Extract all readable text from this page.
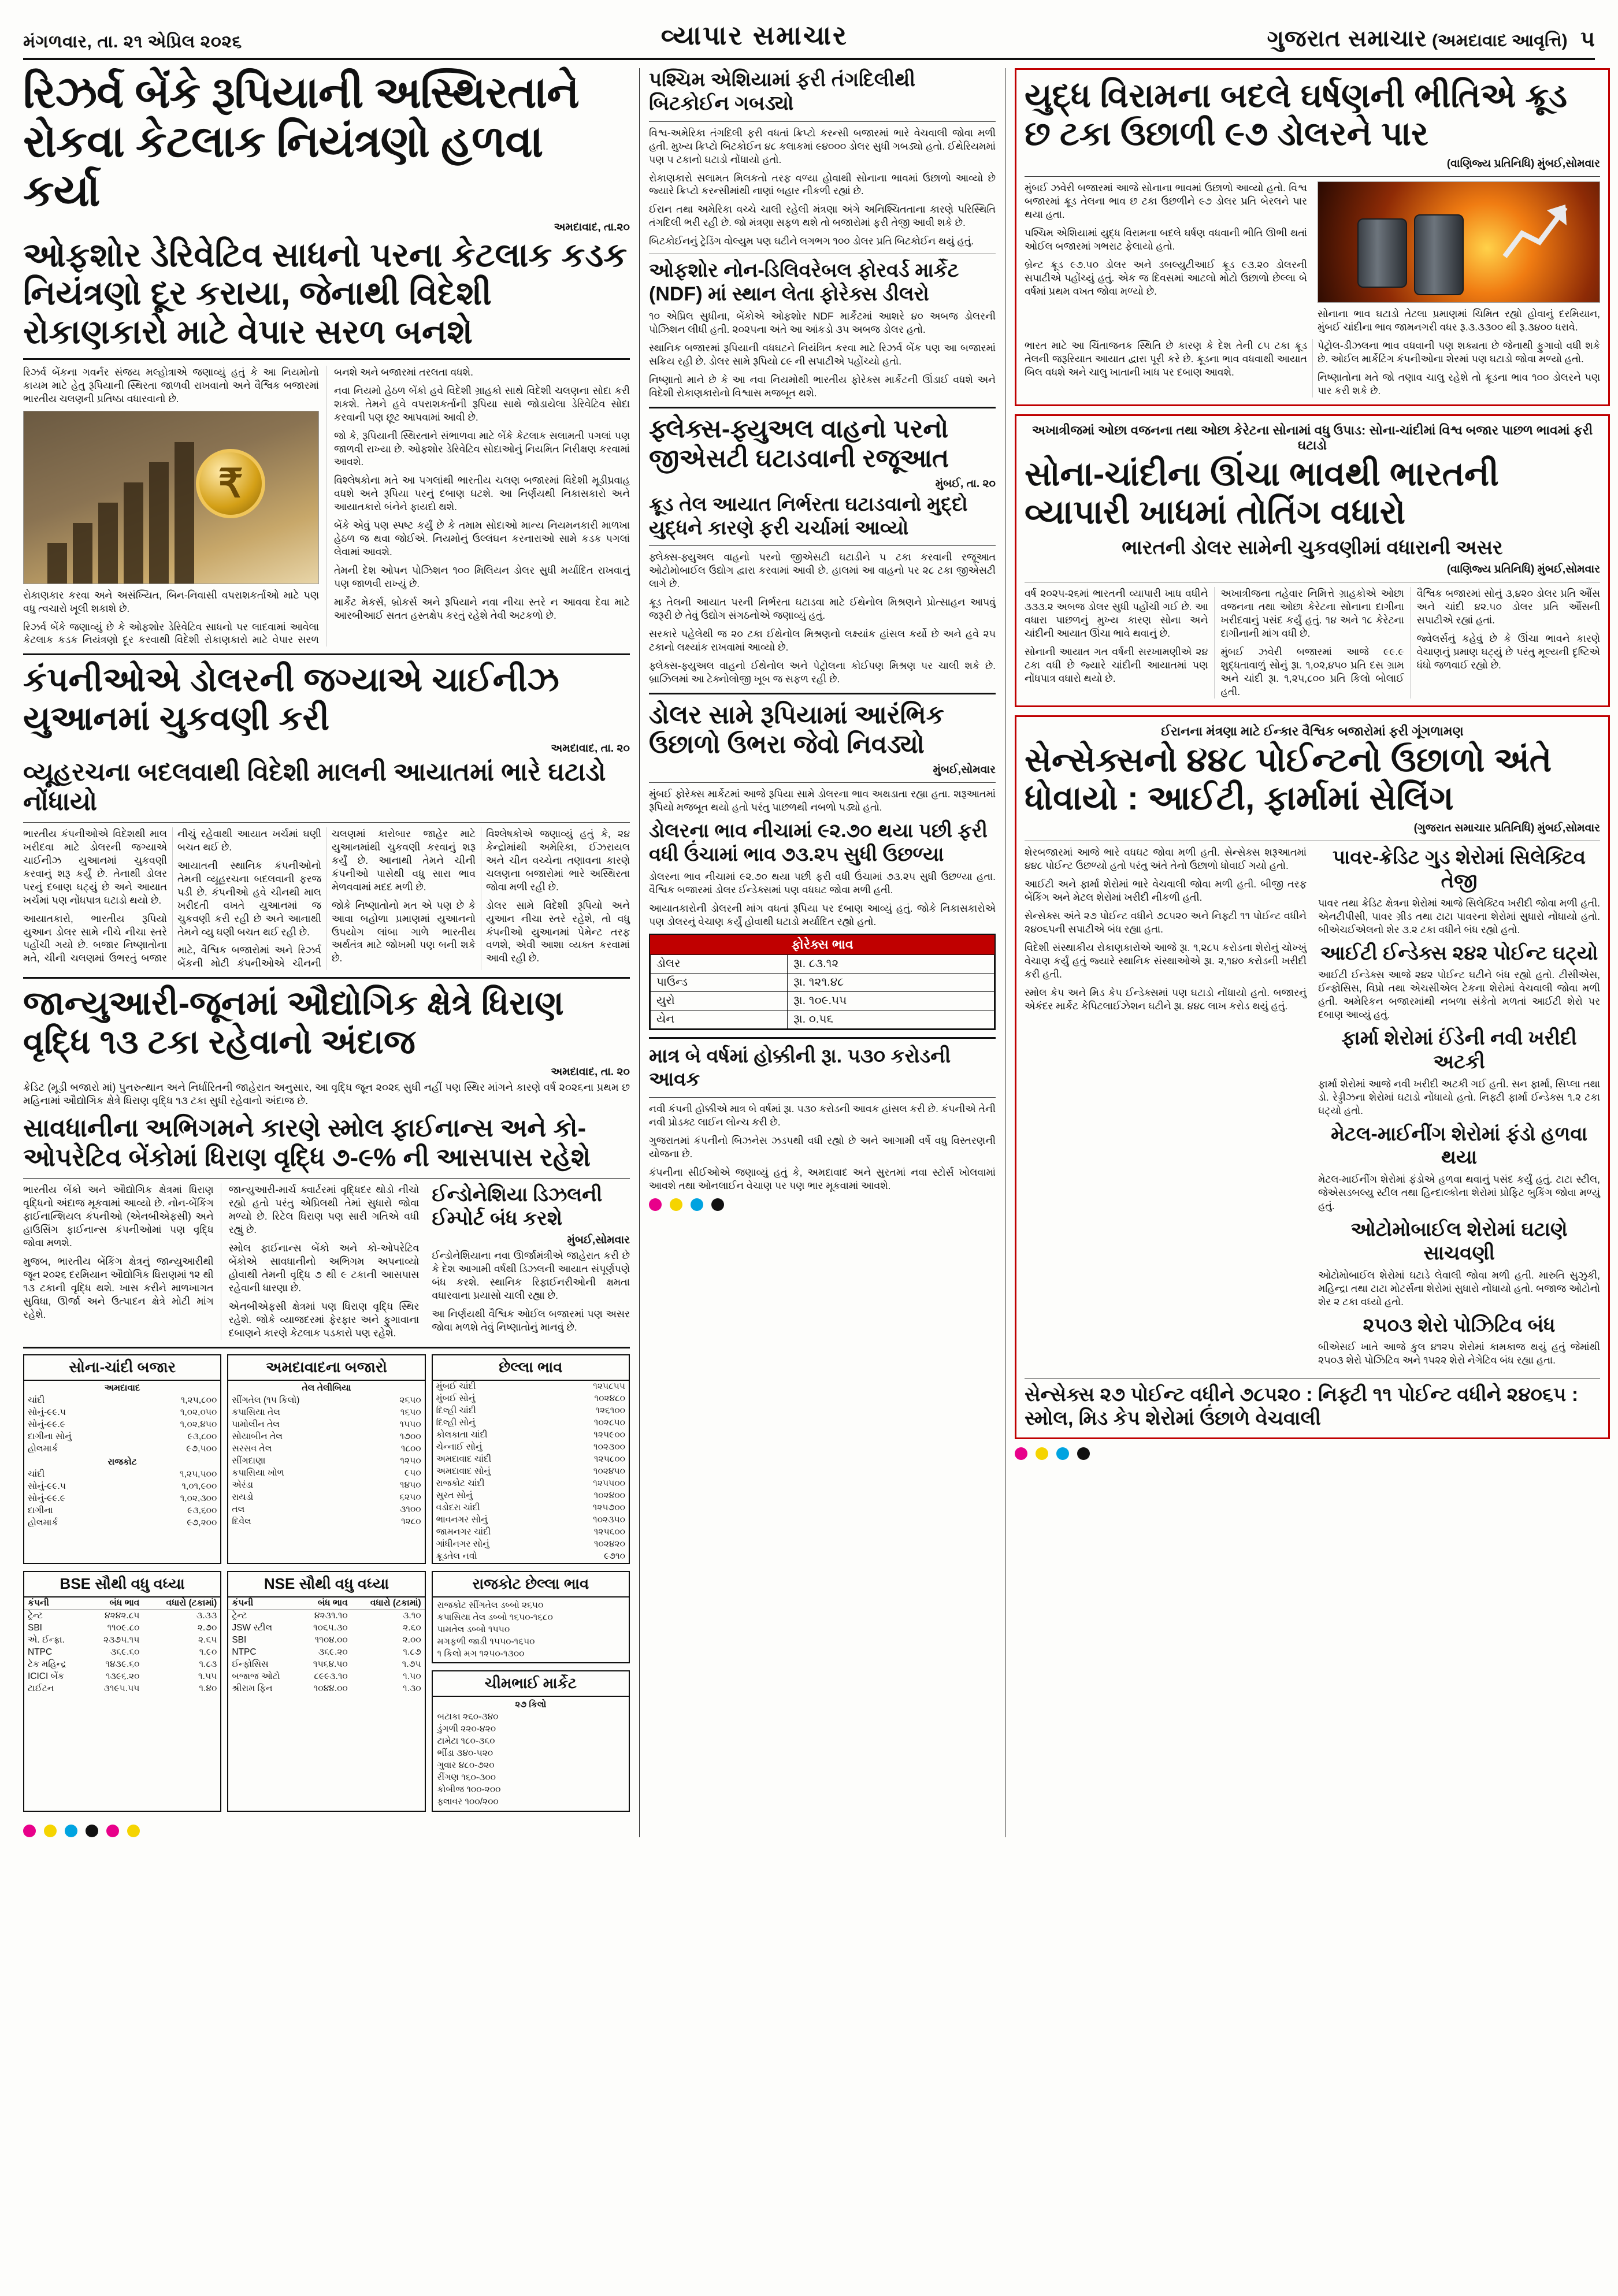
મંગળવાર, તા. ૨૧ એપ્રિલ ૨૦૨૬	વ્યાપાર સમાચાર	ગુજરાત સમાચાર (અમદાવાદ આવૃત્તિ) ૫
રિઝર્વ બેંકે રૂપિયાની અસ્થિરતાને રોકવા કેટલાક નિયંત્રણો હળવા કર્યા
અમદાવાદ, તા.૨૦
ઓફશોર ડેરિવેટિવ સાધનો પરના કેટલાક કડક નિયંત્રણો દૂર કરાયા, જેનાથી વિદેશી રોકાણકારો માટે વેપાર સરળ બનશે

રિઝર્વ બેંકના ગવર્નર સંજય મલ્હોત્રાએ જણાવ્યું હતું કે આ નિયમોનો કાયમ માટે હેતુ રૂપિયાની સ્થિરતા જાળવી રાખવાનો અને વૈશ્વિક બજારમાં ભારતીય ચલણની પ્રતિષ્ઠા વધારવાનો છે.

₹

રોકાણકાર કરવા અને અસંખ્યિત, બિન-નિવાસી વપરાશકર્તાઓ માટે પણ વધુ ત્વચારો ખૂલી શકાશે છે.

રિઝર્વ બેંકે જણાવ્યું છે કે ઓફશોર ડેરિવેટિવ સાધનો પર લાદવામાં આવેલા કેટલાક કડક નિયંત્રણો દૂર કરવાથી વિદેશી રોકાણકારો માટે વેપાર સરળ બનશે અને બજારમાં તરલતા વધશે.

નવા નિયમો હેઠળ બેંકો હવે વિદેશી ગ્રાહકો સાથે વિદેશી ચલણના સોદા કરી શકશે. તેમને હવે વપરાશકર્તાની રૂપિયા સાથે જોડાયેલા ડેરિવેટિવ સોદા કરવાની પણ છૂટ આપવામાં આવી છે.

જો કે, રૂપિયાની સ્થિરતાને સંભાળવા માટે બેંકે કેટલાક સલામતી પગલાં પણ જાળવી રાખ્યા છે. ઓફશોર ડેરિવેટિવ સોદાઓનું નિયમિત નિરીક્ષણ કરવામાં આવશે.

વિશ્લેષકોના મતે આ પગલાંથી ભારતીય ચલણ બજારમાં વિદેશી મૂડીપ્રવાહ વધશે અને રૂપિયા પરનું દબાણ ઘટશે. આ નિર્ણયથી નિકાસકારો અને આયાતકારો બંનેને ફાયદો થશે.

બેંકે એવું પણ સ્પષ્ટ કર્યું છે કે તમામ સોદાઓ માન્ય નિયમનકારી માળખા હેઠળ જ થવા જોઈએ. નિયમોનું ઉલ્લંઘન કરનારાઓ સામે કડક પગલાં લેવામાં આવશે.

તેમની દેશ ઓપન પોઝિશન ૧૦૦ મિલિયન ડોલર સુધી મર્યાદિત રાખવાનું પણ જાળવી રાખ્યું છે.

માર્કેટ મેકર્સ, બ્રોકર્સ અને રૂપિયાને નવા નીચા સ્તરે ન આવવા દેવા માટે આરબીઆઈ સતત હસ્તક્ષેપ કરતું રહેશે તેવી અટકળો છે.

કંપનીઓએ ડોલરની જગ્યાએ ચાઈનીઝ યુઆનમાં ચુકવણી કરી
અમદાવાદ, તા. ૨૦
વ્યૂહરચના બદલવાથી વિદેશી માલની આયાતમાં ભારે ઘટાડો નોંધાયો

ભારતીય કંપનીઓએ વિદેશથી માલ ખરીદવા માટે ડોલરની જગ્યાએ ચાઈનીઝ યુઆનમાં ચુકવણી કરવાનું શરૂ કર્યું છે. તેનાથી ડોલર પરનું દબાણ ઘટ્યું છે અને આયાત ખર્ચમાં પણ નોંધપાત્ર ઘટાડો થયો છે.

આયાતકારો, ભારતીય રૂપિયો યુઆન ડોલર સામે નીચે નીચા સ્તરે પહોંચી ગયો છે. બજાર નિષ્ણાતોના મતે, ચીની ચલણમાં ઉભરતું બજાર નીચું રહેવાથી આયાત ખર્ચમાં ઘણી બચત થઈ છે.

આયાતની સ્થાનિક કંપનીઓનો તેમની વ્યૂહરચના બદલવાની ફરજ પડી છે. કંપનીઓ હવે ચીનથી માલ ખરીદતી વખતે યુઆનમાં જ ચુકવણી કરી રહી છે અને આનાથી તેમને વ્યુ ઘણી બચત થઈ રહી છે.

માટે, વૈશ્વિક બજારોમાં અને રિઝર્વ બેંકની મોટી કંપનીઓએ ચીનની ચલણમાં કારોબાર જાહેર માટે યુઆનમાંથી ચુકવણી કરવાનું શરૂ કર્યું છે. આનાથી તેમને ચીની કંપનીઓ પાસેથી વધુ સારા ભાવ મેળવવામાં મદદ મળી છે.

જોકે નિષ્ણાતોનો મત એ પણ છે કે આવા બહોળા પ્રમાણમાં યુઆનનો ઉપયોગ લાંબા ગાળે ભારતીય અર્થતંત્ર માટે જોખમી પણ બની શકે છે.

વિશ્લેષકોએ જણાવ્યું હતું કે, ૨૪ કેન્દ્રોમાંથી અમેરિકા, ઈઝરાયલ અને ચીન વચ્ચેના તણાવના કારણે ચલણના બજારોમાં ભારે અસ્થિરતા જોવા મળી રહી છે.

ડોલર સામે વિદેશી રૂપિયો અને યુઆન નીચા સ્તરે રહેશે, તો વધુ કંપનીઓ યુઆનમાં પેમેન્ટ તરફ વળશે, એવી આશા વ્યક્ત કરવામાં આવી રહી છે.

જાન્યુઆરી-જૂનમાં ઔદ્યોગિક ક્ષેત્રે ધિરાણ વૃદ્ધિ ૧૩ ટકા રહેવાનો અંદાજ
અમદાવાદ, તા. ૨૦

ક્રેડિટ (મૂડી બજારો માં) પુનરુત્થાન અને નિર્ધારિતની જાહેરાત અનુસાર, આ વૃદ્ધિ જૂન ૨૦૨૬ સુધી નહીં પણ સ્થિર માંગને કારણે વર્ષ ૨૦૨૬ના પ્રથમ છ મહિનામાં ઔદ્યોગિક ક્ષેત્રે ધિરાણ વૃદ્ધિ ૧૩ ટકા સુધી રહેવાનો અંદાજ છે.

સાવધાનીના અભિગમને કારણે સ્મોલ ફાઈનાન્સ અને કો-ઓપરેટિવ બેંકોમાં ધિરાણ વૃદ્ધિ ૭-૯% ની આસપાસ રહેશે

ભારતીય બેંકો અને ઔદ્યોગિક ક્ષેત્રમાં ધિરાણ વૃદ્ધિનો અંદાજ મૂકવામાં આવ્યો છે. નોન-બેંકિંગ ફાઈનાન્શિયલ કંપનીઓ (એનબીએફસી) અને હાઉસિંગ ફાઈનાન્સ કંપનીઓમાં પણ વૃદ્ધિ જોવા મળશે.

મુજબ, ભારતીય બેંકિંગ ક્ષેત્રનું જાન્યુઆરીથી જૂન ૨૦૨૬ દરમિયાન ઔદ્યોગિક ધિરાણમાં ૧૨ થી ૧૩ ટકાની વૃદ્ધિ થશે. ખાસ કરીને માળખાગત સુવિધા, ઊર્જા અને ઉત્પાદન ક્ષેત્રે મોટી માંગ રહેશે.

જાન્યુઆરી-માર્ચ ક્વાર્ટરમાં વૃદ્ધિદર થોડો નીચો રહ્યો હતો પરંતુ એપ્રિલથી તેમાં સુધારો જોવા મળ્યો છે. રિટેલ ધિરાણ પણ સારી ગતિએ વધી રહ્યું છે.

સ્મોલ ફાઈનાન્સ બેંકો અને કો-ઓપરેટિવ બેંકોએ સાવધાનીનો અભિગમ અપનાવ્યો હોવાથી તેમની વૃદ્ધિ ૭ થી ૯ ટકાની આસપાસ રહેવાની ધારણા છે.

એનબીએફસી ક્ષેત્રમાં પણ ધિરાણ વૃદ્ધિ સ્થિર રહેશે. જોકે વ્યાજદરમાં ફેરફાર અને ફુગાવાના દબાણને કારણે કેટલાક પડકારો પણ રહેશે.

ઈન્ડોનેશિયા ડિઝલની ઈમ્પોર્ટ બંધ કરશે
મુંબઈ,સોમવાર

ઈન્ડોનેશિયાના નવા ઊર્જામંત્રીએ જાહેરાત કરી છે કે દેશ આગામી વર્ષથી ડિઝલની આયાત સંપૂર્ણપણે બંધ કરશે. સ્થાનિક રિફાઈનરીઓની ક્ષમતા વધારવાના પ્રયાસો ચાલી રહ્યા છે.

આ નિર્ણયથી વૈશ્વિક ઓઈલ બજારમાં પણ અસર જોવા મળશે તેવું નિષ્ણાતોનું માનવું છે.

સોના-ચાંદી બજાર
અમદાવાદ	
ચાંદી	૧,૨૫,૮૦૦
સોનું-૯૯.૫	૧,૦૨,૦૫૦
સોનું-૯૯.૯	૧,૦૨,૪૫૦
દાગીના સોનું	૯૩,૮૦૦
હોલમાર્ક	૯૭,૫૦૦
રાજકોટ	
ચાંદી	૧,૨૫,૫૦૦
સોનું-૯૯.૫	૧,૦૧,૯૦૦
સોનું-૯૯.૯	૧,૦૨,૩૦૦
દાગીના	૯૩,૬૦૦
હોલમાર્ક	૯૭,૨૦૦
અમદાવાદના બજારો
તેલ તેલીબિયા	
સીંગતેલ (૧૫ કિલો)	૨૬૫૦
કપાસિયા તેલ	૧૬૫૦
પામોલીન તેલ	૧૫૫૦
સોયાબીન તેલ	૧૭૦૦
સરસવ તેલ	૧૮૦૦
સીંગદાણા	૧૨૫૦
કપાસિયા ખોળ	૯૫૦
એરંડા	૧૪૫૦
રાયડો	૬૨૫૦
તલ	૩૧૦૦
દિવેલ	૧૨૮૦
છેલ્લા ભાવ
મુંબઈ ચાંદી	૧૨૫૮૫૫
મુંબઈ સોનું	૧૦૨૪૮૦
દિલ્હી ચાંદી	૧૨૬૧૦૦
દિલ્હી સોનું	૧૦૨૮૫૦
કોલકાતા ચાંદી	૧૨૫૯૦૦
ચેન્નાઈ સોનું	૧૦૨૩૦૦
અમદાવાદ ચાંદી	૧૨૫૮૦૦
અમદાવાદ સોનું	૧૦૨૪૫૦
રાજકોટ ચાંદી	૧૨૫૫૦૦
સુરત સોનું	૧૦૨૪૦૦
વડોદરા ચાંદી	૧૨૫૭૦૦
ભાવનગર સોનું	૧૦૨૩૫૦
જામનગર ચાંદી	૧૨૫૬૦૦
ગાંધીનગર સોનું	૧૦૨૪૨૦
ક્રૂડતેલ નવો	૯૭૧૦
BSE સૌથી વધુ વધ્યા
કંપની	બંધ ભાવ	વધારો (ટકામાં)
ટ્રેન્ટ	૪૨૪૨.૮૫	૩.૩૩
SBI	૧૧૦૯.૮૦	૨.૭૦
એ. ઈન્ફ્રા.	૨૩૭૫.૧૫	૨.૬૫
NTPC	૩૬૯.૬૦	૧.૯૦
ટેક મહિન્દ્ર	૧૪૩૯.૬૦	૧.૮૩
ICICI બેંક	૧૩૯૬.૨૦	૧.૫૫
ટાઈટન	૩૧૯૫.૫૫	૧.૪૦
NSE સૌથી વધુ વધ્યા
કંપની	બંધ ભાવ	વધારો (ટકામાં)
ટ્રેન્ટ	૪૨૩૧.૧૦	૩.૧૦
JSW સ્ટીલ	૧૦૬૫.૩૦	૨.૬૦
SBI	૧૧૦૪.૦૦	૨.૦૦
NTPC	૩૬૯.૨૦	૧.૮૭
ઈન્ફોસિસ	૧૫૬૪.૫૦	૧.૭૫
બજાજ ઓટો	૮૯૯૩.૧૦	૧.૫૦
શ્રીરામ ફિન	૧૦૪૪.૦૦	૧.૩૦
રાજકોટ છેલ્લા ભાવ
રાજકોટ સીંગતેલ ડબ્બો ૨૬૫૦
કપાસિયા તેલ ડબ્બો ૧૬૫૦-૧૬૮૦
પામતેલ ડબ્બો ૧૫૫૦
મગફળી જાડી ૧૫૫૦-૧૬૫૦
૧ કિલો મગ ૧૨૫૦-૧૩૦૦
ચીમભાઈ માર્કેટ
૨૭ કિલો
બટાકા ૨૬૦-૩૪૦
ડુંગળી ૨૨૦-૪૨૦
ટામેટા ૧૮૦-૩૬૦
ભીંડા ૩૪૦-૫૨૦
ગુવાર ૪૮૦-૭૨૦
રીંગણ ૧૬૦-૩૦૦
કોબીજ ૧૦૦-૨૦૦
ફ્લાવર ૧૦૦/૨૦૦
પશ્ચિમ એશિયામાં ફરી તંગદિલીથી બિટકોઈન ગબડ્યો

વિશ્વ-અમેરિકા તંગદિલી ફરી વધતાં ક્રિપ્ટો કરન્સી બજારમાં ભારે વેચવાલી જોવા મળી હતી. મુખ્ય ક્રિપ્ટો બિટકોઈન ૪૮ કલાકમાં ૯૪૦૦૦ ડોલર સુધી ગબડ્યો હતો. ઈથેરિયમમાં પણ ૫ ટકાનો ઘટાડો નોંધાયો હતો.

રોકાણકારો સલામત મિલકતો તરફ વળ્યા હોવાથી સોનાના ભાવમાં ઉછાળો આવ્યો છે જ્યારે ક્રિપ્ટો કરન્સીમાંથી નાણાં બહાર નીકળી રહ્યાં છે.

ઈરાન તથા અમેરિકા વચ્ચે ચાલી રહેલી મંત્રણા અંગે અનિશ્ચિતતાના કારણે પરિસ્થિતિ તંગદિલી ભરી રહી છે. જો મંત્રણા સફળ થશે તો બજારોમાં ફરી તેજી આવી શકે છે.

બિટકોઈનનું ટ્રેડિંગ વોલ્યુમ પણ ઘટીને લગભગ ૧૦૦ ડોલર પ્રતિ બિટકોઈન થયું હતું.

ઓફશોર નોન-ડિલિવરેબલ ફોરવર્ડ માર્કેટ (NDF) માં સ્થાન લેતા ફોરેક્સ ડીલરો

૧૦ એપ્રિલ સુધીના, બેંકોએ ઓફશોર NDF માર્કેટમાં આશરે ૪૦ અબજ ડોલરની પોઝિશન લીધી હતી. ૨૦૨૫ના અંતે આ આંકડો ૩૫ અબજ ડોલર હતો.

સ્થાનિક બજારમાં રૂપિયાની વધઘટને નિયંત્રિત કરવા માટે રિઝર્વ બેંક પણ આ બજારમાં સક્રિય રહી છે. ડોલર સામે રૂપિયો ૮૯ ની સપાટીએ પહોંચ્યો હતો.

નિષ્ણાતો માને છે કે આ નવા નિયમોથી ભારતીય ફોરેક્સ માર્કેટની ઊંડાઈ વધશે અને વિદેશી રોકાણકારોનો વિશ્વાસ મજબૂત થશે.

ફ્લેક્સ-ફ્યુઅલ વાહનો પરનો જીએસટી ઘટાડવાની રજૂઆત
મુંબઈ, તા. ૨૦
ક્રૂડ તેલ આયાત નિર્ભરતા ઘટાડવાનો મુદ્દો યુદ્ધને કારણે ફરી ચર્ચામાં આવ્યો

ફ્લેક્સ-ફ્યુઅલ વાહનો પરનો જીએસટી ઘટાડીને ૫ ટકા કરવાની રજૂઆત ઓટોમોબાઈલ ઉદ્યોગ દ્વારા કરવામાં આવી છે. હાલમાં આ વાહનો પર ૨૮ ટકા જીએસટી લાગે છે.

ક્રૂડ તેલની આયાત પરની નિર્ભરતા ઘટાડવા માટે ઈથેનોલ મિશ્રણને પ્રોત્સાહન આપવું જરૂરી છે તેવું ઉદ્યોગ સંગઠનોએ જણાવ્યું હતું.

સરકારે પહેલેથી જ ૨૦ ટકા ઈથેનોલ મિશ્રણનો લક્ષ્યાંક હાંસલ કર્યો છે અને હવે ૨૫ ટકાનો લક્ષ્યાંક રાખવામાં આવ્યો છે.

ફ્લેક્સ-ફ્યુઅલ વાહનો ઈથેનોલ અને પેટ્રોલના કોઈપણ મિશ્રણ પર ચાલી શકે છે. બ્રાઝિલમાં આ ટેક્નોલોજી ખૂબ જ સફળ રહી છે.

ડોલર સામે રૂપિયામાં આરંભિક ઉછાળો ઉભરા જેવો નિવડ્યો
મુંબઈ,સોમવાર

મુંબઈ ફોરેક્સ માર્કેટમાં આજે રૂપિયા સામે ડોલરના ભાવ અથડાતા રહ્યા હતા. શરૂઆતમાં રૂપિયો મજબૂત થયો હતો પરંતુ પાછળથી નબળો પડ્યો હતો.

ડોલરના ભાવ નીચામાં ૯૨.૭૦ થયા પછી ફરી વધી ઉંચામાં ભાવ ૭૩.૨૫ સુધી ઉછળ્યા

ડોલરના ભાવ નીચામાં ૯૨.૭૦ થયા પછી ફરી વધી ઉંચામાં ૭૩.૨૫ સુધી ઉછળ્યા હતા. વૈશ્વિક બજારમાં ડોલર ઈન્ડેક્સમાં પણ વધઘટ જોવા મળી હતી.

આયાતકારોની ડોલરની માંગ વધતાં રૂપિયા પર દબાણ આવ્યું હતું. જોકે નિકાસકારોએ પણ ડોલરનું વેચાણ કર્યું હોવાથી ઘટાડો મર્યાદિત રહ્યો હતો.

ફોરેક્સ ભાવ
ડોલર	રૂા. ૮૩.૧૨
પાઉન્ડ	રૂા. ૧૨૧.૪૮
યુરો	રૂા. ૧૦૯.૫૫
યેન	રૂા. ૦.૫૬
માત્ર બે વર્ષમાં હોક્કીની રૂા. ૫૩૦ કરોડની આવક

નવી કંપની હોક્કીએ માત્ર બે વર્ષમાં રૂા. ૫૩૦ કરોડની આવક હાંસલ કરી છે. કંપનીએ તેની નવી પ્રોડક્ટ લાઈન લોન્ચ કરી છે.

ગુજરાતમાં કંપનીનો બિઝનેસ ઝડપથી વધી રહ્યો છે અને આગામી વર્ષે વધુ વિસ્તરણની યોજના છે.

કંપનીના સીઈઓએ જણાવ્યું હતું કે, અમદાવાદ અને સુરતમાં નવા સ્ટોર્સ ખોલવામાં આવશે તથા ઓનલાઈન વેચાણ પર પણ ભાર મૂકવામાં આવશે.

યુદ્ધ વિરામના બદલે ઘર્ષણની ભીતિએ ક્રૂડ છ ટકા ઉછાળી ૯૭ ડોલરને પાર
(વાણિજ્ય પ્રતિનિધિ) મુંબઈ,સોમવાર

મુંબઈ ઝવેરી બજારમાં આજે સોનાના ભાવમાં ઉછાળો આવ્યો હતો. વિશ્વ બજારમાં ક્રૂડ તેલના ભાવ છ ટકા ઉછળીને ૯૭ ડોલર પ્રતિ બેરલને પાર થયા હતા.

પશ્ચિમ એશિયામાં યુદ્ધ વિરામના બદલે ઘર્ષણ વધવાની ભીતિ ઊભી થતાં ઓઈલ બજારમાં ગભરાટ ફેલાયો હતો.

બ્રેન્ટ ક્રૂડ ૯૭.૫૦ ડોલર અને ડબલ્યુટીઆઈ ક્રૂડ ૯૩.૨૦ ડોલરની સપાટીએ પહોંચ્યું હતું. એક જ દિવસમાં આટલો મોટો ઉછાળો છેલ્લા બે વર્ષમાં પ્રથમ વખત જોવા મળ્યો છે.

સોનાના ભાવ ઘટાડો તેટલા પ્રમાણમાં ચિમિત રહ્યો હોવાનું દરમિયાન, મુંબઈ ચાંદીના ભાવ જામનગરી વધર રૂ.૩.૩૩૦૦ થી રૂ.૩૪૦૦ ધરાવે.

ભારત માટે આ ચિંતાજનક સ્થિતિ છે કારણ કે દેશ તેની ૮૫ ટકા ક્રૂડ તેલની જરૂરિયાત આયાત દ્વારા પૂરી કરે છે. ક્રૂડના ભાવ વધવાથી આયાત બિલ વધશે અને ચાલુ ખાતાની ખાધ પર દબાણ આવશે.

પેટ્રોલ-ડીઝલના ભાવ વધવાની પણ શક્યતા છે જેનાથી ફુગાવો વધી શકે છે. ઓઈલ માર્કેટિંગ કંપનીઓના શેરમાં પણ ઘટાડો જોવા મળ્યો હતો.

નિષ્ણાતોના મતે જો તણાવ ચાલુ રહેશે તો ક્રૂડના ભાવ ૧૦૦ ડોલરને પણ પાર કરી શકે છે.

અખાત્રીજમાં ઓછા વજનના તથા ઓછા કેરેટના સોનામાં વધુ ઉપાડ: સોના-ચાંદીમાં વિશ્વ બજાર પાછળ ભાવમાં ફરી ઘટાડો
સોના-ચાંદીના ઊંચા ભાવથી ભારતની વ્યાપારી ખાધમાં તોતિંગ વધારો
ભારતની ડોલર સામેની ચુકવણીમાં વધારાની અસર
(વાણિજ્ય પ્રતિનિધિ) મુંબઈ,સોમવાર

વર્ષ ૨૦૨૫-૨૬માં ભારતની વ્યાપારી ખાધ વધીને ૩૩૩.૨ અબજ ડોલર સુધી પહોંચી ગઈ છે. આ વધારા પાછળનું મુખ્ય કારણ સોના અને ચાંદીની આયાત ઊંચા ભાવે થવાનું છે.

સોનાની આયાત ગત વર્ષની સરખામણીએ ૨૪ ટકા વધી છે જ્યારે ચાંદીની આયાતમાં પણ નોંધપાત્ર વધારો થયો છે.

અખાત્રીજના તહેવાર નિમિત્તે ગ્રાહકોએ ઓછા વજનના તથા ઓછા કેરેટના સોનાના દાગીના ખરીદવાનું પસંદ કર્યું હતું. ૧૪ અને ૧૮ કેરેટના દાગીનાની માંગ વધી છે.

મુંબઈ ઝવેરી બજારમાં આજે ૯૯.૯ શુદ્ધતાવાળું સોનું રૂા. ૧,૦૨,૪૫૦ પ્રતિ દસ ગ્રામ અને ચાંદી રૂા. ૧,૨૫,૮૦૦ પ્રતિ કિલો બોલાઈ હતી.

વૈશ્વિક બજારમાં સોનું ૩,૪૨૦ ડોલર પ્રતિ ઔંસ અને ચાંદી ૪૨.૫૦ ડોલર પ્રતિ ઔંસની સપાટીએ રહ્યાં હતાં.

જ્વેલર્સનું કહેવું છે કે ઊંચા ભાવને કારણે વેચાણનું પ્રમાણ ઘટ્યું છે પરંતુ મૂલ્યની દૃષ્ટિએ ધંધો જળવાઈ રહ્યો છે.

ઈરાનના મંત્રણા માટે ઈન્કાર વૈશ્વિક બજારોમાં ફરી ગૂંગળામણ
સેન્સેક્સનો ૪૪૮ પોઈન્ટનો ઉછાળો અંતે ધોવાયો : આઈટી, ફાર્મામાં સેલિંગ
(ગુજરાત સમાચાર પ્રતિનિધિ) મુંબઈ,સોમવાર

શેરબજારમાં આજે ભારે વધઘટ જોવા મળી હતી. સેન્સેક્સ શરૂઆતમાં ૪૪૮ પોઈન્ટ ઉછળ્યો હતો પરંતુ અંતે તેનો ઉછાળો ધોવાઈ ગયો હતો.

આઈટી અને ફાર્મા શેરોમાં ભારે વેચવાલી જોવા મળી હતી. બીજી તરફ બેંકિંગ અને મેટલ શેરોમાં ખરીદી નીકળી હતી.

સેન્સેક્સ અંતે ૨૭ પોઈન્ટ વધીને ૭૮૫૨૦ અને નિફ્ટી ૧૧ પોઈન્ટ વધીને ૨૪૦૬૫ની સપાટીએ બંધ રહ્યા હતા.

વિદેશી સંસ્થાકીય રોકાણકારોએ આજે રૂા. ૧,૨૮૫ કરોડના શેરોનું ચોખ્ખું વેચાણ કર્યું હતું જ્યારે સ્થાનિક સંસ્થાઓએ રૂા. ૨,૧૪૦ કરોડની ખરીદી કરી હતી.

સ્મોલ કેપ અને મિડ કેપ ઈન્ડેક્સમાં પણ ઘટાડો નોંધાયો હતો. બજારનું એકંદર માર્કેટ કેપિટલાઈઝેશન ઘટીને રૂા. ૪૪૮ લાખ કરોડ થયું હતું.

પાવર-ક્રેડિટ ગુડ શેરોમાં સિલેક્ટિવ તેજી

પાવર તથા ક્રેડિટ ક્ષેત્રના શેરોમાં આજે સિલેક્ટિવ ખરીદી જોવા મળી હતી. એનટીપીસી, પાવર ગ્રીડ તથા ટાટા પાવરના શેરોમાં સુધારો નોંધાયો હતો. બીએચઈએલનો શેર ૩.૨ ટકા વધીને બંધ રહ્યો હતો.

આઈટી ઈન્ડેક્સ ૨૪૨ પોઈન્ટ ઘટ્યો

આઈટી ઈન્ડેક્સ આજે ૨૪૨ પોઈન્ટ ઘટીને બંધ રહ્યો હતો. ટીસીએસ, ઈન્ફોસિસ, વિપ્રો તથા એચસીએલ ટેકના શેરોમાં વેચવાલી જોવા મળી હતી. અમેરિકન બજારમાંથી નબળા સંકેતો મળતાં આઈટી શેરો પર દબાણ આવ્યું હતું.

ફાર્મા શેરોમાં ઈંડેની નવી ખરીદી અટકી

ફાર્મા શેરોમાં આજે નવી ખરીદી અટકી ગઈ હતી. સન ફાર્મા, સિપ્લા તથા ડો. રેડ્ડીઝના શેરોમાં ઘટાડો નોંધાયો હતો. નિફ્ટી ફાર્મા ઈન્ડેક્સ ૧.૨ ટકા ઘટ્યો હતો.

મેટલ-માઈનીંગ શેરોમાં ફંડો હળવા થયા

મેટલ-માઈનીંગ શેરોમાં ફંડોએ હળવા થવાનું પસંદ કર્યું હતું. ટાટા સ્ટીલ, જેએસડબલ્યુ સ્ટીલ તથા હિન્દાલ્કોના શેરોમાં પ્રોફિટ બુકિંગ જોવા મળ્યું હતું.

ઓટોમોબાઈલ શેરોમાં ઘટાણે સાચવણી

ઓટોમોબાઈલ શેરોમાં ઘટાડે લેવાલી જોવા મળી હતી. મારુતિ સુઝુકી, મહિન્દ્રા તથા ટાટા મોટર્સના શેરોમાં સુધારો નોંધાયો હતો. બજાજ ઓટોનો શેર ૨ ટકા વધ્યો હતો.

૨૫૦૩ શેરો પોઝિટિવ બંધ

બીએસઈ ખાતે આજે કુલ ૪૧૨૫ શેરોમાં કામકાજ થયું હતું જેમાંથી ૨૫૦૩ શેરો પોઝિટિવ અને ૧૫૨૨ શેરો નેગેટિવ બંધ રહ્યા હતા.

સેન્સેક્સ ૨૭ પોઈન્ટ વધીને ૭૮૫૨૦ : નિફ્ટી ૧૧ પોઈન્ટ વધીને ૨૪૦૬૫ : સ્મોલ, મિડ કેપ શેરોમાં ઉંછાળે વેચવાલી
